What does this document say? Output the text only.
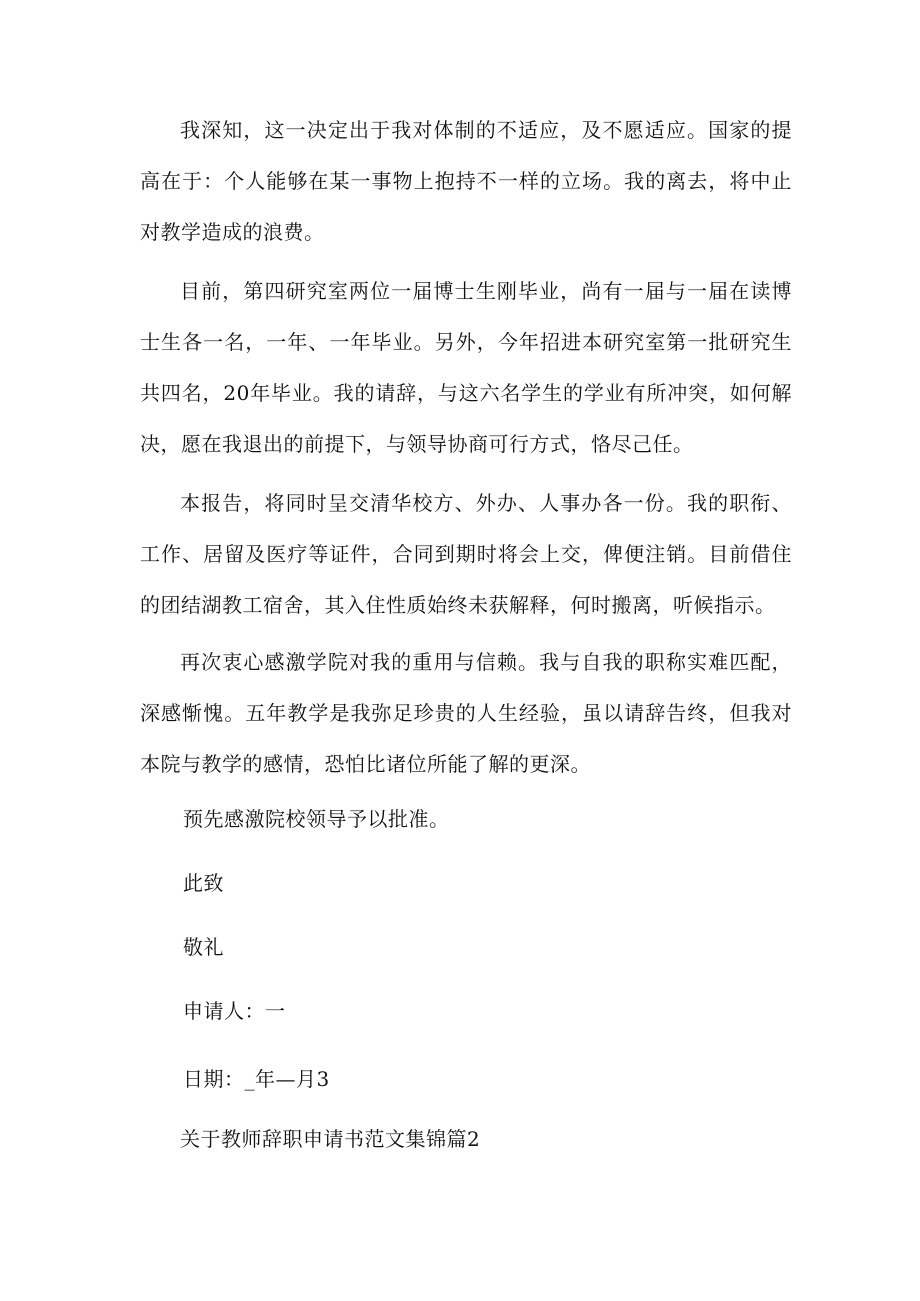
我深知，这一决定出于我对体制的不适应，及不愿适应。国家的提高在于：个人能够在某一事物上抱持不一样的立场。我的离去，将中止对教学造成的浪费。

目前，第四研究室两位一届博士生刚毕业，尚有一届与一届在读博士生各一名，一年、一年毕业。另外，今年招进本研究室第一批研究生共四名，20年毕业。我的请辞，与这六名学生的学业有所冲突，如何解决，愿在我退出的前提下，与领导协商可行方式，恪尽己任。

本报告，将同时呈交清华校方、外办、人事办各一份。我的职衔、工作、居留及医疗等证件，合同到期时将会上交，俾便注销。目前借住的团结湖教工宿舍，其入住性质始终未获解释，何时搬离，听候指示。

再次衷心感激学院对我的重用与信赖。我与自我的职称实难匹配，深感惭愧。五年教学是我弥足珍贵的人生经验，虽以请辞告终，但我对本院与教学的感情，恐怕比诸位所能了解的更深。

预先感激院校领导予以批准。

此致

敬礼

申请人：一

日期：_年—月3

关于教师辞职申请书范文集锦篇2
